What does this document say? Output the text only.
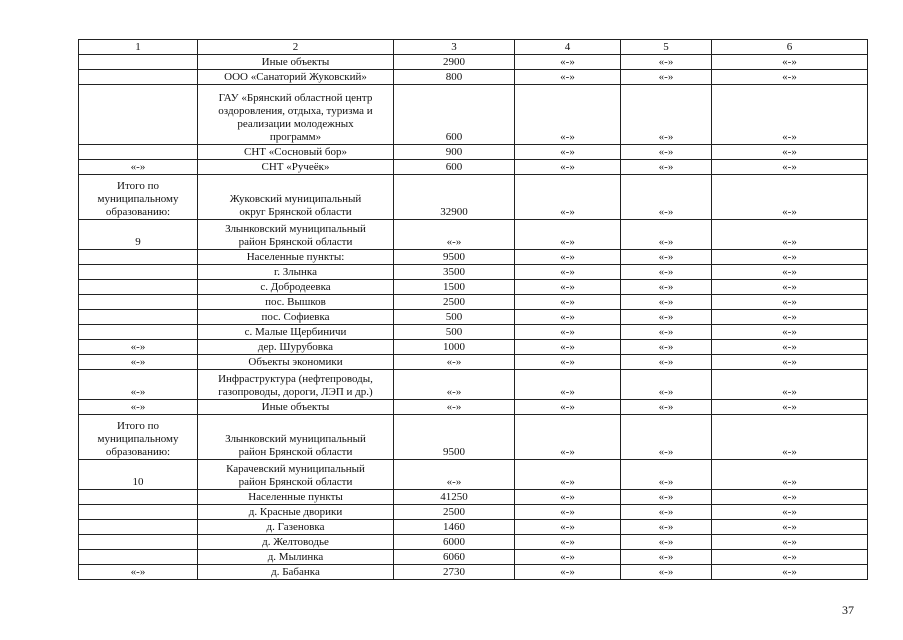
1	2	3	4	5	6
	Иные объекты	2900	«-»	«-»	«-»
	ООО «Санаторий Жуковский»	800	«-»	«-»	«-»
	ГАУ «Брянский областной центр
оздоровления, отдыха, туризма и
реализации молодежных
программ»	600	«-»	«-»	«-»
	СНТ «Сосновый бор»	900	«-»	«-»	«-»
«-»	СНТ «Ручеёк»	600	«-»	«-»	«-»
Итого по
муниципальному
образованию:	Жуковский муниципальный
округ Брянской области	32900	«-»	«-»	«-»
9	Злынковский муниципальный
район Брянской области	«-»	«-»	«-»	«-»
	Населенные пункты:	9500	«-»	«-»	«-»
	г. Злынка	3500	«-»	«-»	«-»
	с. Добродеевка	1500	«-»	«-»	«-»
	пос. Вышков	2500	«-»	«-»	«-»
	пос. Софиевка	500	«-»	«-»	«-»
	с. Малые Щербиничи	500	«-»	«-»	«-»
«-»	дер. Шурубовка	1000	«-»	«-»	«-»
«-»	Объекты экономики	«-»	«-»	«-»	«-»
«-»	Инфраструктура (нефтепроводы,
газопроводы, дороги, ЛЭП и др.)	«-»	«-»	«-»	«-»
«-»	Иные объекты	«-»	«-»	«-»	«-»
Итого по
муниципальному
образованию:	Злынковский муниципальный
район Брянской области	9500	«-»	«-»	«-»
10	Карачевский муниципальный
район Брянской области	«-»	«-»	«-»	«-»
	Населенные пункты	41250	«-»	«-»	«-»
	д. Красные дворики	2500	«-»	«-»	«-»
	д. Газеновка	1460	«-»	«-»	«-»
	д. Желтоводье	6000	«-»	«-»	«-»
	д. Мылинка	6060	«-»	«-»	«-»
«-»	д. Бабанка	2730	«-»	«-»	«-»
37
